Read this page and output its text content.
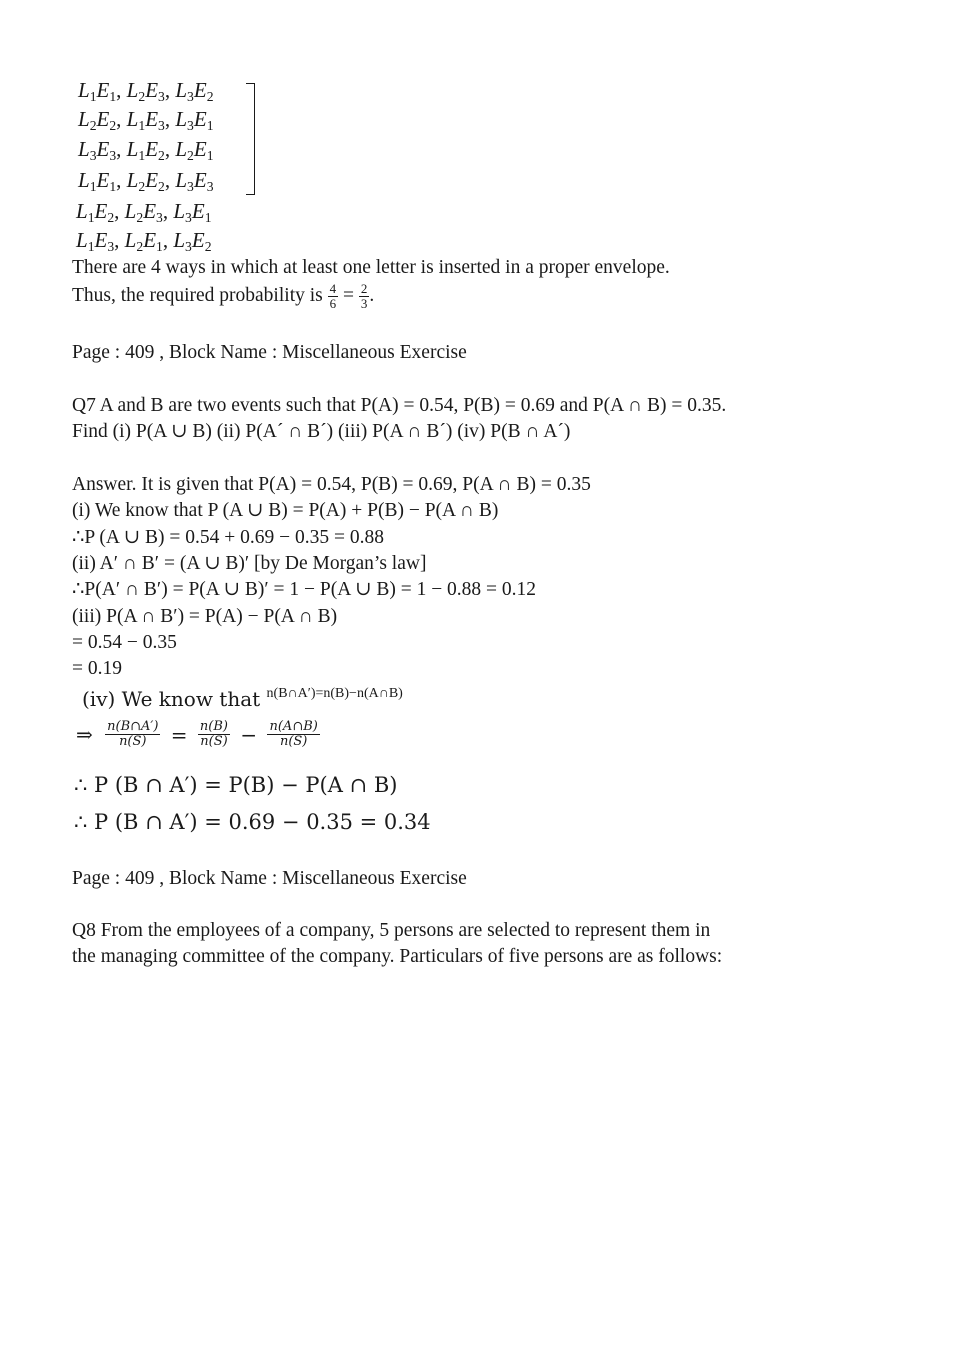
$L_1E_1$, $L_2E_3$, $L_3E_2$
$L_2E_2$, $L_1E_3$, $L_3E_1$
$L_3E_3$, $L_1E_2$, $L_2E_1$
$L_1E_1$, $L_2E_2$, $L_3E_3$
$L_1E_2$, $L_2E_3$, $L_3E_1$
$L_1E_3$, $L_2E_1$, $L_3E_2$
There are 4 ways in which at least one letter is inserted in a proper envelope.
Thus, the required probability is $\frac{4}{6} = \frac{2}{3}$ .
Page : 409 , Block Name : Miscellaneous Exercise
Q7 A and B are two events such that P(A) = 0.54, P(B) = 0.69 and P(A ∩ B) = 0.35.
Find (i) P(A ∪ B) (ii) P(A´ ∩ B´) (iii) P(A ∩ B´) (iv) P(B ∩ A´)
Answer. It is given that P(A) = 0.54, P(B) = 0.69, P(A ∩ B) = 0.35
(i) We know that P (A ∪ B) = P(A) + P(B) − P(A ∩ B)
∴P (A ∪ B) = 0.54 + 0.69 − 0.35 = 0.88
(ii) A′ ∩ B′ = (A ∪ B)′ [by De Morgan’s law]
∴P(A′ ∩ B′) = P(A ∪ B)′ = 1 − P(A ∪ B) = 1 − 0.88 = 0.12
(iii) P(A ∩ B′) = P(A) − P(A ∩ B)
= 0.54 − 0.35
= 0.19
(iv) We know that $^{n(B\cap A')=n(B)-n(A\cap B)}$
⇒ $\frac{n(B\cap A')}{n(S)} = \frac{n(B)}{n(S)} - \frac{n(A\cap B)}{n(S)}$
∴ P (B ∩ A′) = P(B) − P(A ∩ B)
∴ P (B ∩ A′) = 0.69 − 0.35 = 0.34
Page : 409 , Block Name : Miscellaneous Exercise
Q8 From the employees of a company, 5 persons are selected to represent them in
the managing committee of the company. Particulars of five persons are as follows:
